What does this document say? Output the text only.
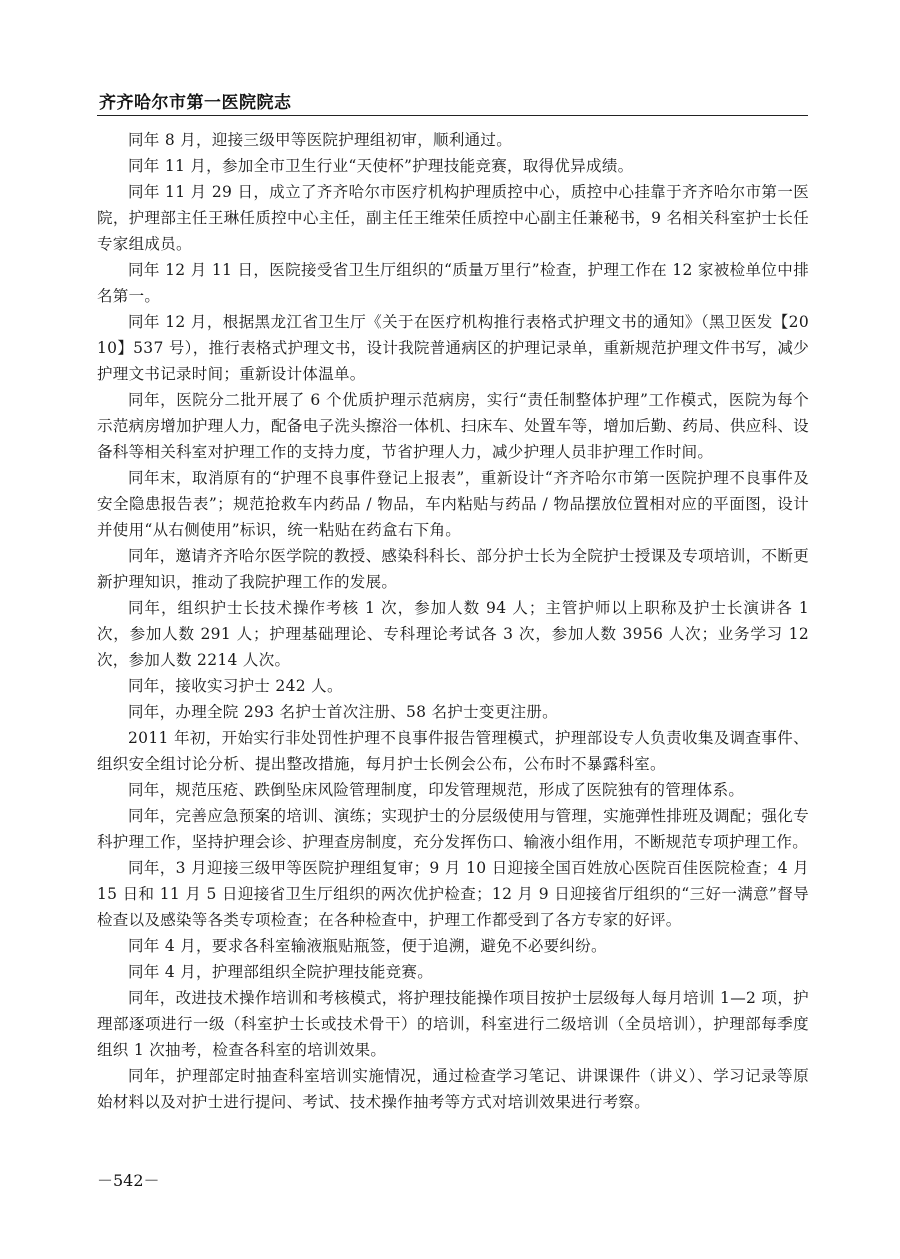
齐齐哈尔市第一医院院志

同年 8 月，迎接三级甲等医院护理组初审，顺利通过。

同年 11 月，参加全市卫生行业“天使杯”护理技能竞赛，取得优异成绩。

同年 11 月 29 日，成立了齐齐哈尔市医疗机构护理质控中心，质控中心挂靠于齐齐哈尔市第一医院，护理部主任王琳任质控中心主任，副主任王维荣任质控中心副主任兼秘书，9 名相关科室护士长任专家组成员。

同年 12 月 11 日，医院接受省卫生厅组织的“质量万里行”检查，护理工作在 12 家被检单位中排名第一。

同年 12 月，根据黑龙江省卫生厅《关于在医疗机构推行表格式护理文书的通知》（黑卫医发【2010】537 号），推行表格式护理文书，设计我院普通病区的护理记录单，重新规范护理文件书写，减少护理文书记录时间；重新设计体温单。

同年，医院分二批开展了 6 个优质护理示范病房，实行“责任制整体护理”工作模式，医院为每个示范病房增加护理人力，配备电子洗头擦浴一体机、扫床车、处置车等，增加后勤、药局、供应科、设备科等相关科室对护理工作的支持力度，节省护理人力，减少护理人员非护理工作时间。

同年末，取消原有的“护理不良事件登记上报表”，重新设计“齐齐哈尔市第一医院护理不良事件及安全隐患报告表”；规范抢救车内药品 / 物品，车内粘贴与药品 / 物品摆放位置相对应的平面图，设计并使用“从右侧使用”标识，统一粘贴在药盒右下角。

同年，邀请齐齐哈尔医学院的教授、感染科科长、部分护士长为全院护士授课及专项培训，不断更新护理知识，推动了我院护理工作的发展。

同年，组织护士长技术操作考核 1 次，参加人数 94 人；主管护师以上职称及护士长演讲各 1 次，参加人数 291 人；护理基础理论、专科理论考试各 3 次，参加人数 3956 人次；业务学习 12 次，参加人数 2214 人次。

同年，接收实习护士 242 人。

同年，办理全院 293 名护士首次注册、58 名护士变更注册。

2011 年初，开始实行非处罚性护理不良事件报告管理模式，护理部设专人负责收集及调查事件、组织安全组讨论分析、提出整改措施，每月护士长例会公布，公布时不暴露科室。

同年，规范压疮、跌倒坠床风险管理制度，印发管理规范，形成了医院独有的管理体系。

同年，完善应急预案的培训、演练；实现护士的分层级使用与管理，实施弹性排班及调配；强化专科护理工作，坚持护理会诊、护理查房制度，充分发挥伤口、输液小组作用，不断规范专项护理工作。

同年，3 月迎接三级甲等医院护理组复审；9 月 10 日迎接全国百姓放心医院百佳医院检查；4 月 15 日和 11 月 5 日迎接省卫生厅组织的两次优护检查；12 月 9 日迎接省厅组织的“三好一满意”督导检查以及感染等各类专项检查；在各种检查中，护理工作都受到了各方专家的好评。

同年 4 月，要求各科室输液瓶贴瓶签，便于追溯，避免不必要纠纷。

同年 4 月，护理部组织全院护理技能竞赛。

同年，改进技术操作培训和考核模式，将护理技能操作项目按护士层级每人每月培训 1—2 项，护理部逐项进行一级（科室护士长或技术骨干）的培训，科室进行二级培训（全员培训），护理部每季度组织 1 次抽考，检查各科室的培训效果。

同年，护理部定时抽查科室培训实施情况，通过检查学习笔记、讲课课件（讲义）、学习记录等原始材料以及对护士进行提问、考试、技术操作抽考等方式对培训效果进行考察。

－542－
